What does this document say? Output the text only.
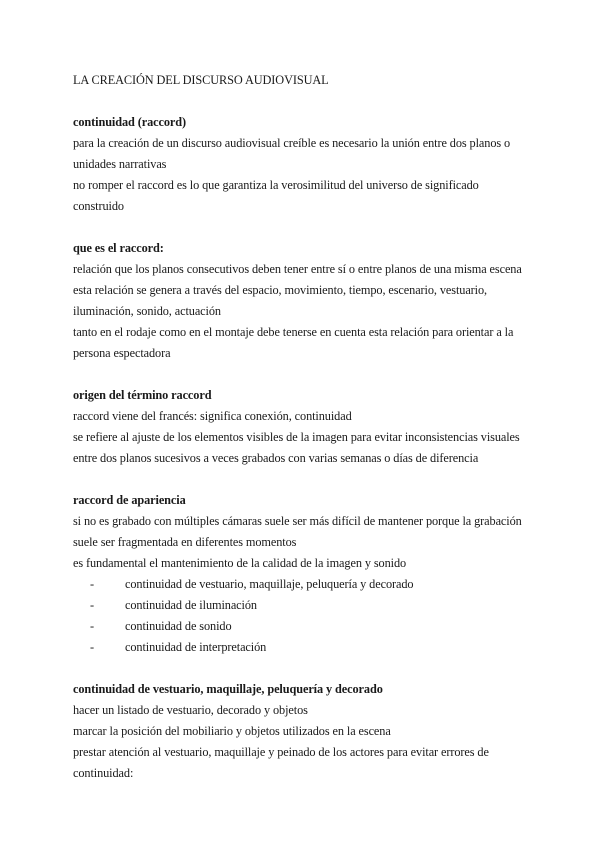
LA CREACIÓN DEL DISCURSO AUDIOVISUAL

continuidad (raccord)

para la creación de un discurso audiovisual creíble es necesario la unión entre dos planos o unidades narrativas

no romper el raccord es lo que garantiza la verosimilitud del universo de significado construido

que es el raccord:

relación que los planos consecutivos deben tener entre sí o entre planos de una misma escena

esta relación se genera a través del espacio, movimiento, tiempo, escenario, vestuario, iluminación, sonido, actuación

tanto en el rodaje como en el montaje debe tenerse en cuenta esta relación para orientar a la persona espectadora

origen del término raccord

raccord viene del francés: significa conexión, continuidad

se refiere al ajuste de los elementos visibles de la imagen para evitar inconsistencias visuales entre dos planos sucesivos a veces grabados con varias semanas o días de diferencia

raccord de apariencia

si no es grabado con múltiples cámaras suele ser más difícil de mantener porque la grabación suele ser fragmentada en diferentes momentos

es fundamental el mantenimiento de la calidad de la imagen y sonido

-	continuidad de vestuario, maquillaje, peluquería y decorado
-	continuidad de iluminación
-	continuidad de sonido
-	continuidad de interpretación

continuidad de vestuario, maquillaje, peluquería y decorado

hacer un listado de vestuario, decorado y objetos

marcar la posición del mobiliario y objetos utilizados en la escena

prestar atención al vestuario, maquillaje y peinado de los actores para evitar errores de continuidad:
